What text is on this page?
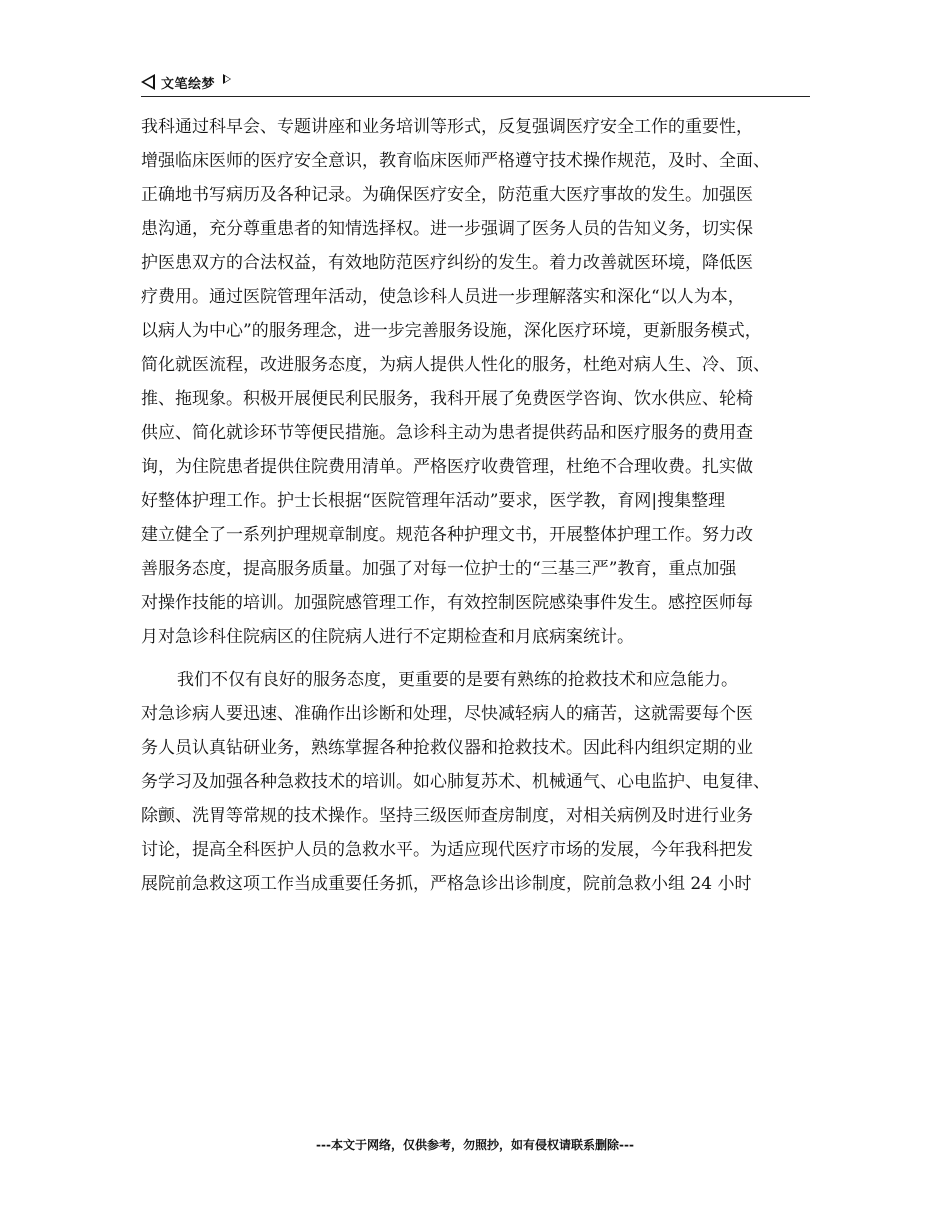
文笔绘梦
我科通过科早会、专题讲座和业务培训等形式，反复强调医疗安全工作的重要性，
增强临床医师的医疗安全意识，教育临床医师严格遵守技术操作规范，及时、全面、
正确地书写病历及各种记录。为确保医疗安全，防范重大医疗事故的发生。加强医
患沟通，充分尊重患者的知情选择权。进一步强调了医务人员的告知义务，切实保
护医患双方的合法权益，有效地防范医疗纠纷的发生。着力改善就医环境，降低医
疗费用。通过医院管理年活动，使急诊科人员进一步理解落实和深化“以人为本，
以病人为中心”的服务理念，进一步完善服务设施，深化医疗环境，更新服务模式，
简化就医流程，改进服务态度，为病人提供人性化的服务，杜绝对病人生、冷、顶、
推、拖现象。积极开展便民利民服务，我科开展了免费医学咨询、饮水供应、轮椅
供应、简化就诊环节等便民措施。急诊科主动为患者提供药品和医疗服务的费用查
询，为住院患者提供住院费用清单。严格医疗收费管理，杜绝不合理收费。扎实做
好整体护理工作。护士长根据“医院管理年活动”要求，医学教，育网|搜集整理
建立健全了一系列护理规章制度。规范各种护理文书，开展整体护理工作。努力改
善服务态度，提高服务质量。加强了对每一位护士的“三基三严”教育，重点加强
对操作技能的培训。加强院感管理工作，有效控制医院感染事件发生。感控医师每
月对急诊科住院病区的住院病人进行不定期检查和月底病案统计。
我们不仅有良好的服务态度，更重要的是要有熟练的抢救技术和应急能力。
对急诊病人要迅速、准确作出诊断和处理，尽快减轻病人的痛苦，这就需要每个医
务人员认真钻研业务，熟练掌握各种抢救仪器和抢救技术。因此科内组织定期的业
务学习及加强各种急救技术的培训。如心肺复苏术、机械通气、心电监护、电复律、
除颤、洗胃等常规的技术操作。坚持三级医师查房制度，对相关病例及时进行业务
讨论，提高全科医护人员的急救水平。为适应现代医疗市场的发展，今年我科把发
展院前急救这项工作当成重要任务抓，严格急诊出诊制度，院前急救小组 24 小时
---本文于网络，仅供参考，勿照抄，如有侵权请联系删除---
